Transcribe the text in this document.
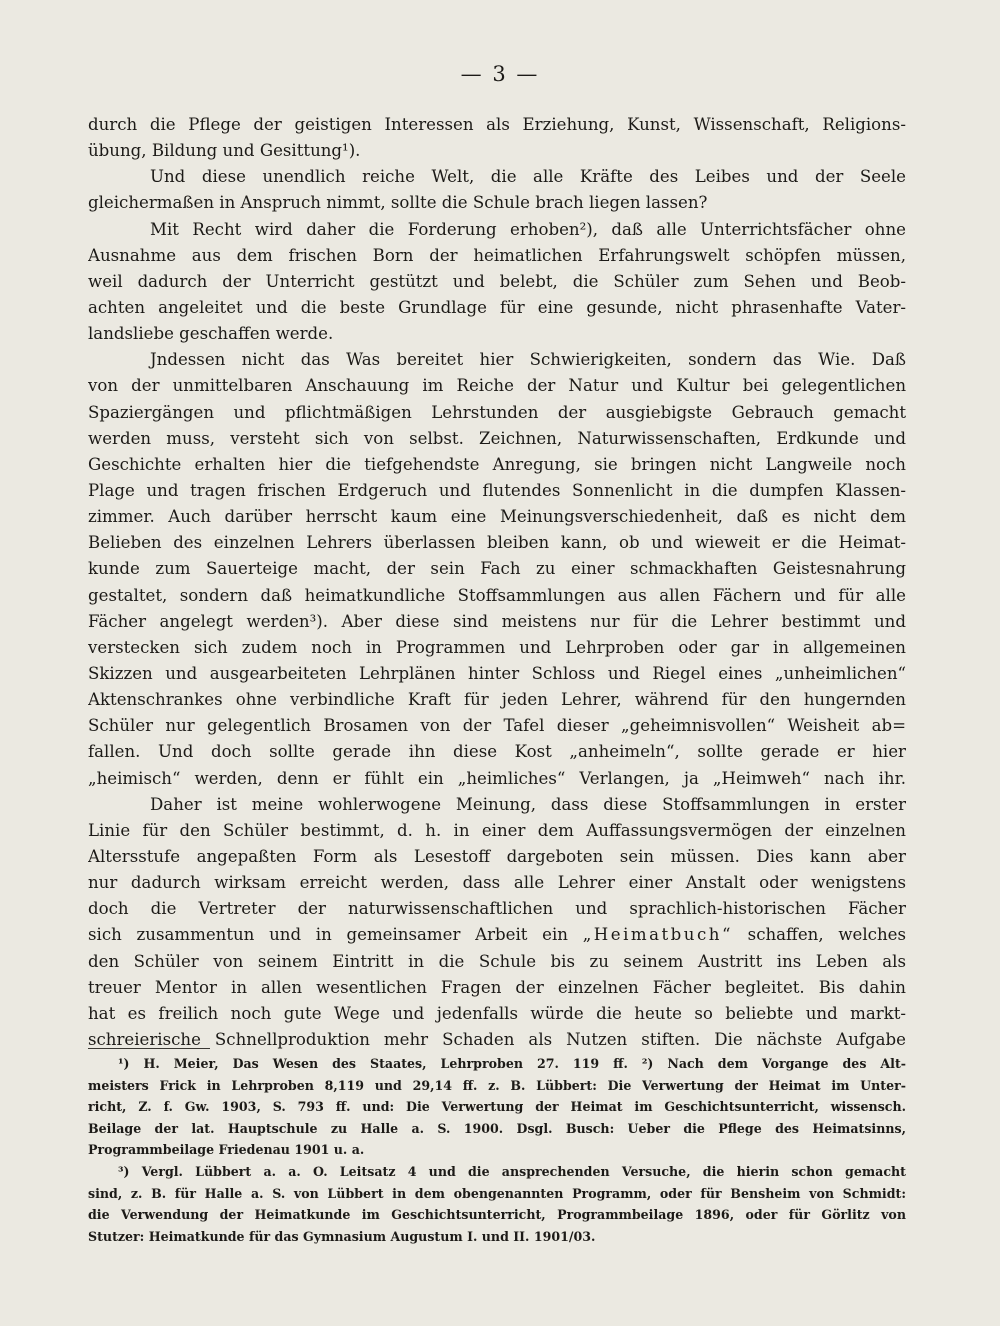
— 3 —
durch die Pflege der geistigen Interessen als Erziehung, Kunst, Wissenschaft, Religions-
übung, Bildung und Gesittung¹).
Und diese unendlich reiche Welt, die alle Kräfte des Leibes und der Seele
gleichermaßen in Anspruch nimmt, sollte die Schule brach liegen lassen?
Mit Recht wird daher die Forderung erhoben²), daß alle Unterrichtsfächer ohne
Ausnahme aus dem frischen Born der heimatlichen Erfahrungswelt schöpfen müssen,
weil dadurch der Unterricht gestützt und belebt, die Schüler zum Sehen und Beob-
achten angeleitet und die beste Grundlage für eine gesunde, nicht phrasenhafte Vater-
landsliebe geschaffen werde.
Jndessen nicht das Was bereitet hier Schwierigkeiten, sondern das Wie. Daß
von der unmittelbaren Anschauung im Reiche der Natur und Kultur bei gelegentlichen
Spaziergängen und pflichtmäßigen Lehrstunden der ausgiebigste Gebrauch gemacht
werden muss, versteht sich von selbst. Zeichnen, Naturwissenschaften, Erdkunde und
Geschichte erhalten hier die tiefgehendste Anregung, sie bringen nicht Langweile noch
Plage und tragen frischen Erdgeruch und flutendes Sonnenlicht in die dumpfen Klassen-
zimmer. Auch darüber herrscht kaum eine Meinungsverschiedenheit, daß es nicht dem
Belieben des einzelnen Lehrers überlassen bleiben kann, ob und wieweit er die Heimat-
kunde zum Sauerteige macht, der sein Fach zu einer schmackhaften Geistesnahrung
gestaltet, sondern daß heimatkundliche Stoffsammlungen aus allen Fächern und für alle
Fächer angelegt werden³). Aber diese sind meistens nur für die Lehrer bestimmt und
verstecken sich zudem noch in Programmen und Lehrproben oder gar in allgemeinen
Skizzen und ausgearbeiteten Lehrplänen hinter Schloss und Riegel eines „unheimlichen“
Aktenschrankes ohne verbindliche Kraft für jeden Lehrer, während für den hungernden
Schüler nur gelegentlich Brosamen von der Tafel dieser „geheimnisvollen“ Weisheit ab=
fallen. Und doch sollte gerade ihn diese Kost „anheimeln“, sollte gerade er hier
„heimisch“ werden, denn er fühlt ein „heimliches“ Verlangen, ja „Heimweh“ nach ihr.
Daher ist meine wohlerwogene Meinung, dass diese Stoffsammlungen in erster
Linie für den Schüler bestimmt, d. h. in einer dem Auffassungsvermögen der einzelnen
Altersstufe angepaßten Form als Lesestoff dargeboten sein müssen. Dies kann aber
nur dadurch wirksam erreicht werden, dass alle Lehrer einer Anstalt oder wenigstens
doch die Vertreter der naturwissenschaftlichen und sprachlich-historischen Fächer
sich zusammentun und in gemeinsamer Arbeit ein „Heimatbuch“ schaffen, welches
den Schüler von seinem Eintritt in die Schule bis zu seinem Austritt ins Leben als
treuer Mentor in allen wesentlichen Fragen der einzelnen Fächer begleitet. Bis dahin
hat es freilich noch gute Wege und jedenfalls würde die heute so beliebte und markt-
schreierische Schnellproduktion mehr Schaden als Nutzen stiften. Die nächste Aufgabe
¹) H. Meier, Das Wesen des Staates, Lehrproben 27. 119 ff. ²) Nach dem Vorgange des Alt-
meisters Frick in Lehrproben 8,119 und 29,14 ff. z. B. Lübbert: Die Verwertung der Heimat im Unter-
richt, Z. f. Gw. 1903, S. 793 ff. und: Die Verwertung der Heimat im Geschichtsunterricht, wissensch.
Beilage der lat. Hauptschule zu Halle a. S. 1900. Dsgl. Busch: Ueber die Pflege des Heimatsinns,
Programmbeilage Friedenau 1901 u. a.
³) Vergl. Lübbert a. a. O. Leitsatz 4 und die ansprechenden Versuche, die hierin schon gemacht
sind, z. B. für Halle a. S. von Lübbert in dem obengenannten Programm, oder für Bensheim von Schmidt:
die Verwendung der Heimatkunde im Geschichtsunterricht, Programmbeilage 1896, oder für Görlitz von
Stutzer: Heimatkunde für das Gymnasium Augustum I. und II. 1901/03.
